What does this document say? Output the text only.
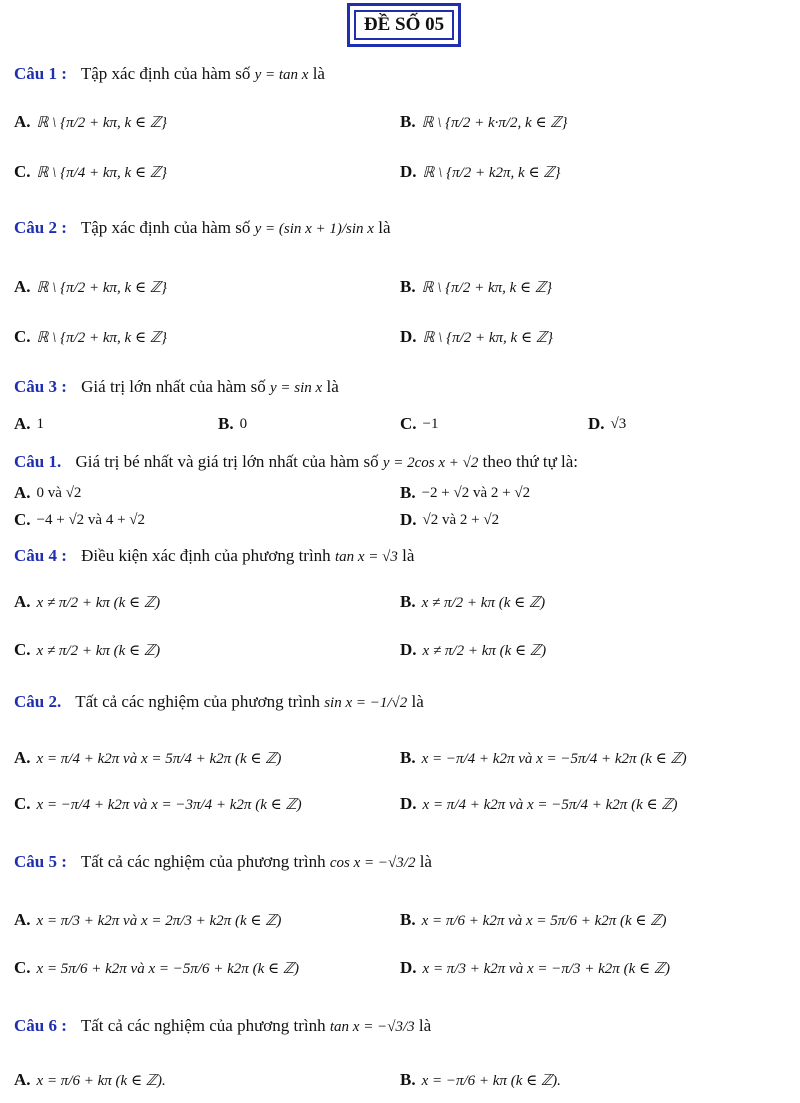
ĐỀ SỐ 05
Câu 1 : Tập xác định của hàm số y = tan x là
A. ℝ \ {π/2 + kπ, k ∈ ℤ}	B. ℝ \ {π/2 + k·π/2, k ∈ ℤ}
C. ℝ \ {π/4 + kπ, k ∈ ℤ}	D. ℝ \ {π/2 + k2π, k ∈ ℤ}
Câu 2 : Tập xác định của hàm số y = (sin x + 1)/sin x là
A. ℝ \ {π/2 + kπ, k ∈ ℤ}	B. ℝ \ {π/2 + kπ, k ∈ ℤ}
C. ℝ \ {π/2 + kπ, k ∈ ℤ}	D. ℝ \ {π/2 + kπ, k ∈ ℤ}
Câu 3 : Giá trị lớn nhất của hàm số y = sin x là
A. 1	B. 0	C. −1	D. √3
Câu 1. Giá trị bé nhất và giá trị lớn nhất của hàm số y = 2cos x + √2 theo thứ tự là:
A. 0 và √2	B. −2 + √2 và 2 + √2
C. −4 + √2 và 4 + √2	D. √2 và 2 + √2
Câu 4 : Điều kiện xác định của phương trình tan x = √3 là
A. x ≠ π/2 + kπ (k ∈ ℤ)	B. x ≠ π/2 + kπ (k ∈ ℤ)
C. x ≠ π/2 + kπ (k ∈ ℤ)	D. x ≠ π/2 + kπ (k ∈ ℤ)
Câu 2. Tất cả các nghiệm của phương trình sin x = −1/√2 là
A. x = π/4 + k2π và x = 5π/4 + k2π (k ∈ ℤ)	B. x = −π/4 + k2π và x = −5π/4 + k2π (k ∈ ℤ)
C. x = −π/4 + k2π và x = −3π/4 + k2π (k ∈ ℤ)	D. x = π/4 + k2π và x = −5π/4 + k2π (k ∈ ℤ)
Câu 5 : Tất cả các nghiệm của phương trình cos x = −√3/2 là
A. x = π/3 + k2π và x = 2π/3 + k2π (k ∈ ℤ)	B. x = π/6 + k2π và x = 5π/6 + k2π (k ∈ ℤ)
C. x = 5π/6 + k2π và x = −5π/6 + k2π (k ∈ ℤ)	D. x = π/3 + k2π và x = −π/3 + k2π (k ∈ ℤ)
Câu 6 : Tất cả các nghiệm của phương trình tan x = −√3/3 là
A. x = π/6 + kπ (k ∈ ℤ).	B. x = −π/6 + kπ (k ∈ ℤ).
